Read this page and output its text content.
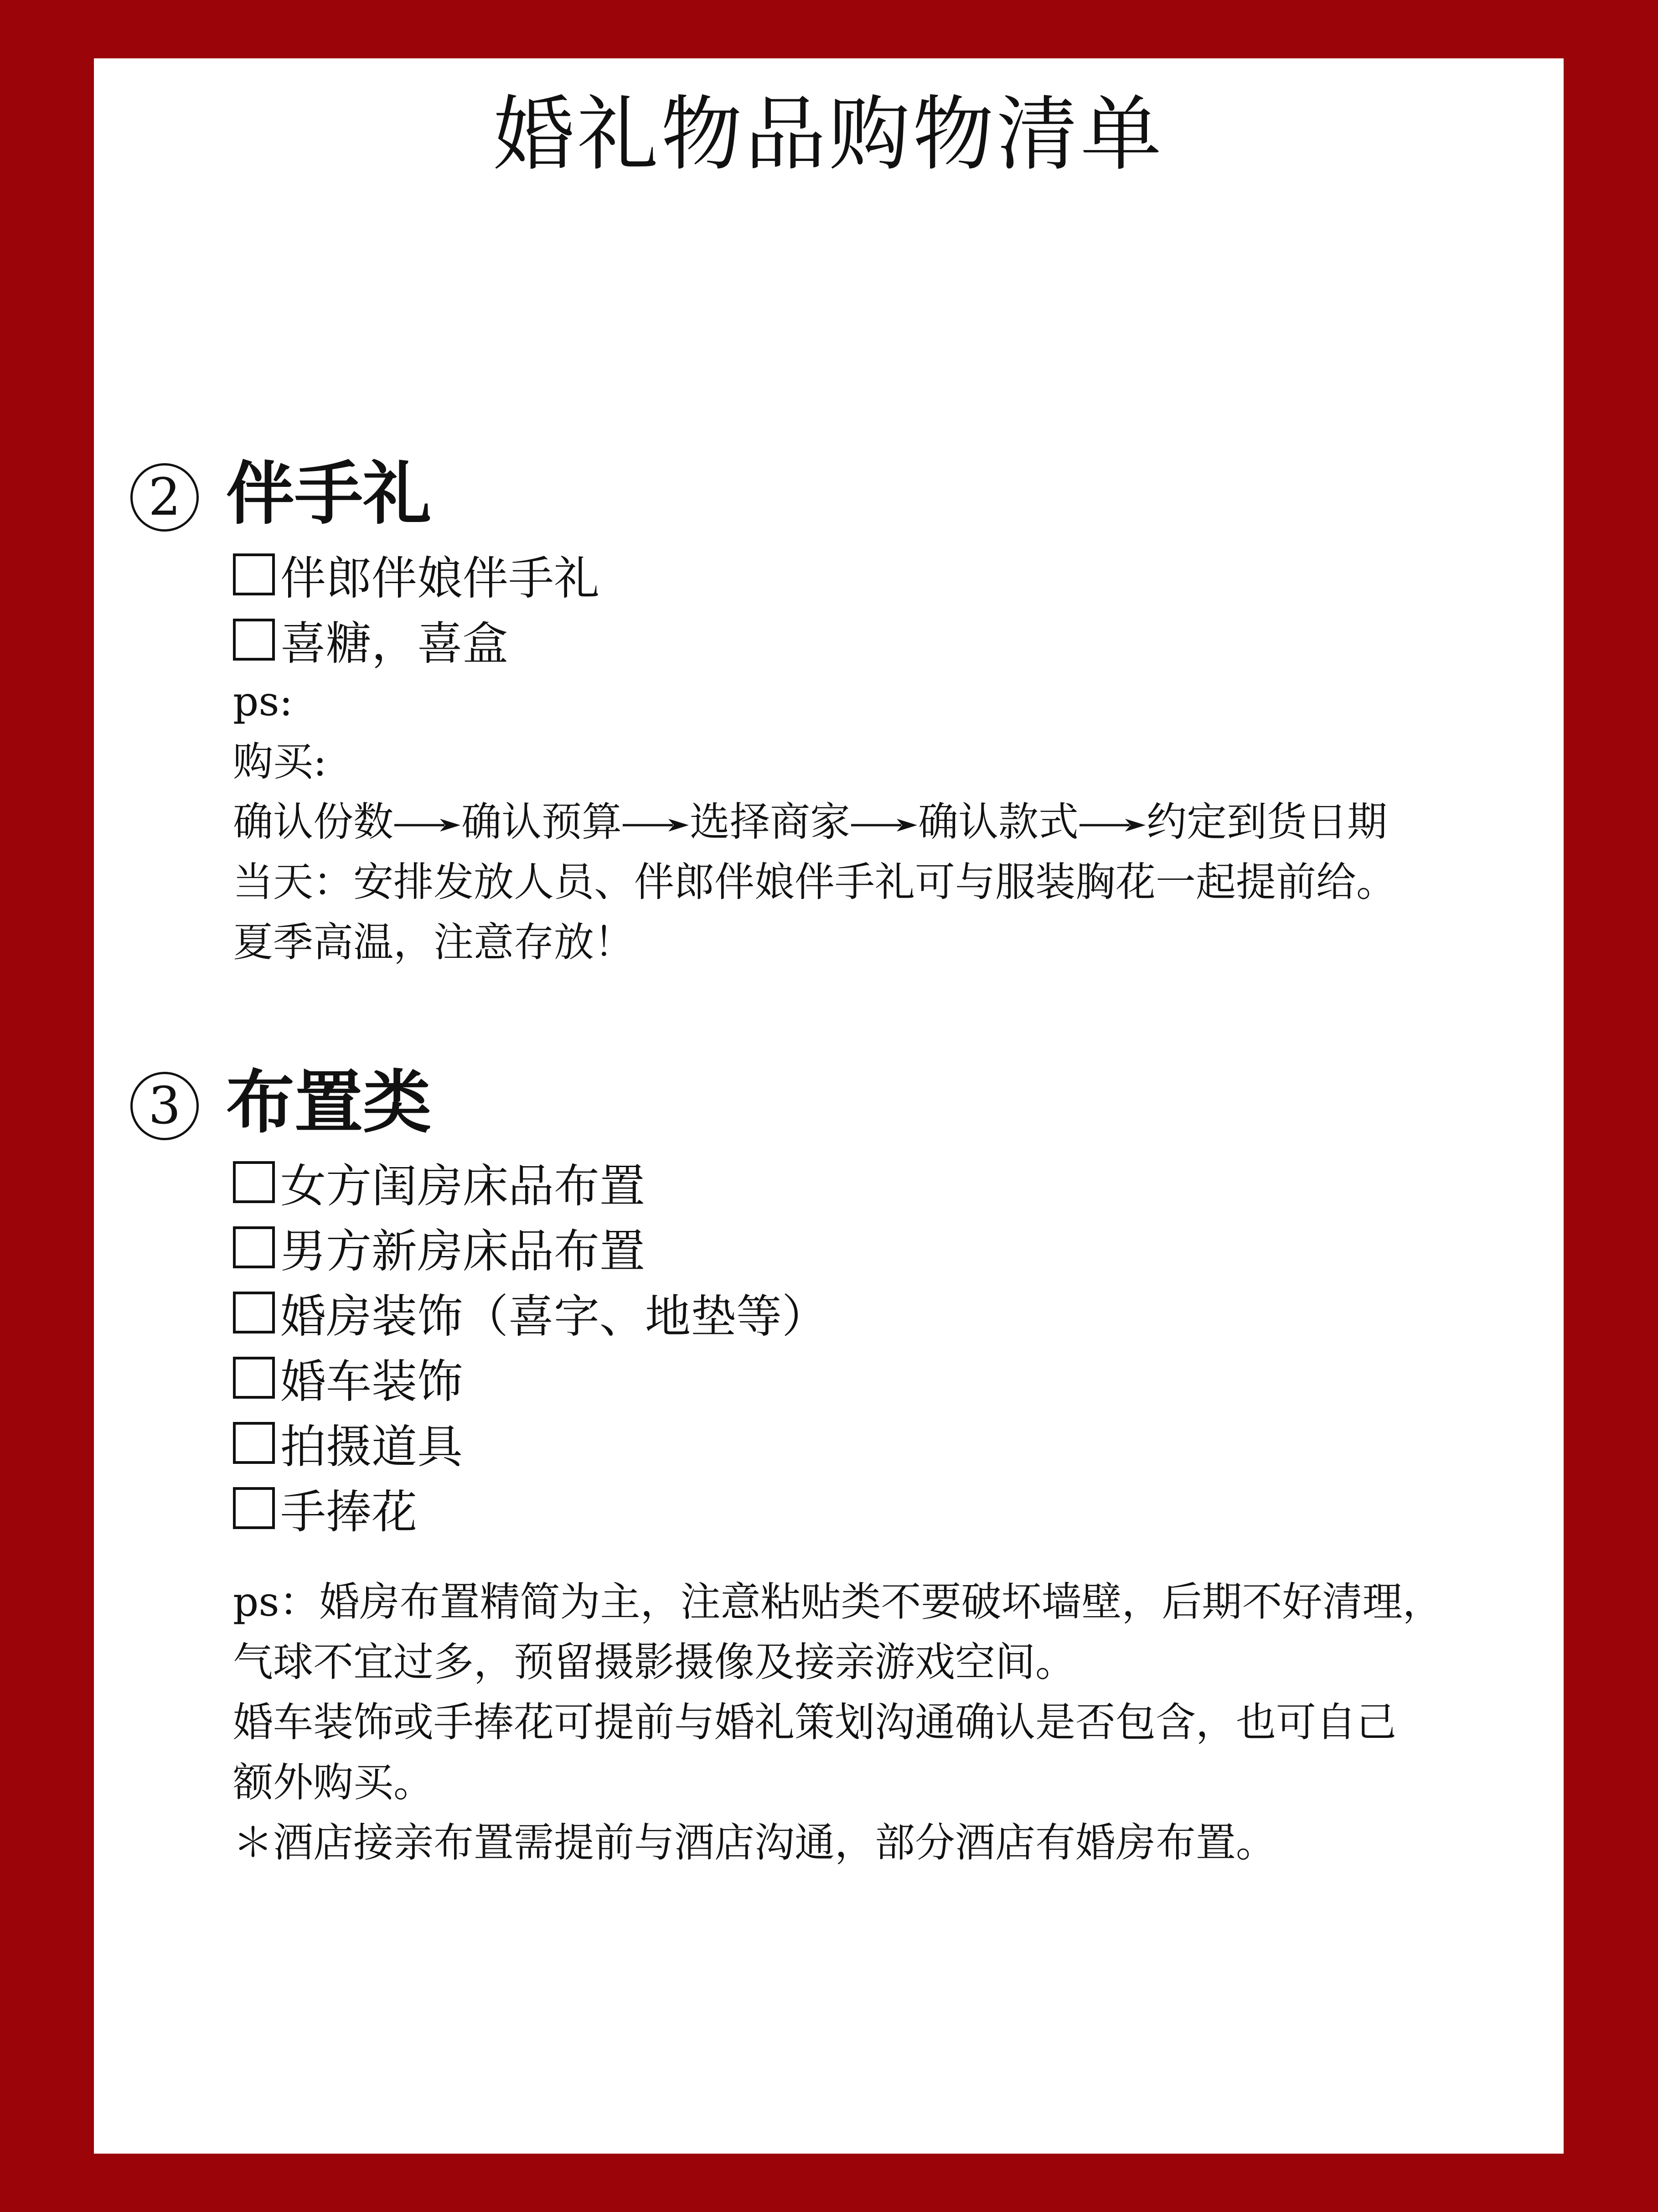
婚礼物品购物清单
2 伴手礼
伴郎伴娘伴手礼
喜糖，喜盒
ps:
购买:
确认份数 确认预算 选择商家 确认款式 约定到货日期
当天：安排发放人员、伴郎伴娘伴手礼可与服装胸花一起提前给。
夏季高温，注意存放！
3 布置类
女方闺房床品布置
男方新房床品布置
婚房装饰（喜字、地垫等）
婚车装饰
拍摄道具
手捧花
ps：婚房布置精简为主，注意粘贴类不要破坏墙壁，后期不好清理，
气球不宜过多，预留摄影摄像及接亲游戏空间。
婚车装饰或手捧花可提前与婚礼策划沟通确认是否包含，也可自己
额外购买。
＊酒店接亲布置需提前与酒店沟通，部分酒店有婚房布置。
